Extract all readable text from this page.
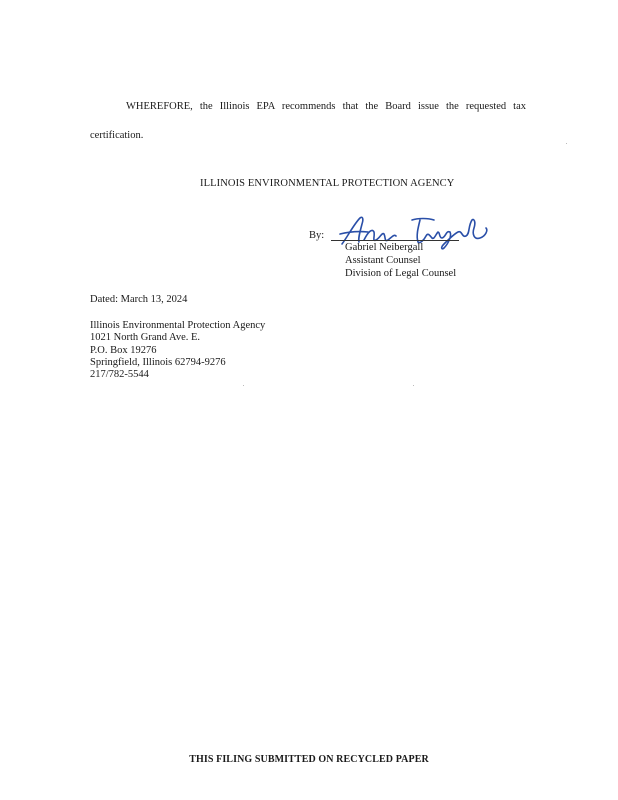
WHEREFORE, the Illinois EPA recommends that the Board issue the requested tax
certification.
ILLINOIS ENVIRONMENTAL PROTECTION AGENCY
By:
Gabriel Neibergall
Assistant Counsel
Division of Legal Counsel
Dated: March 13, 2024
Illinois Environmental Protection Agency
1021 North Grand Ave. E.
P.O. Box 19276
Springfield, Illinois 62794-9276
217/782-5544
THIS FILING SUBMITTED ON RECYCLED PAPER
